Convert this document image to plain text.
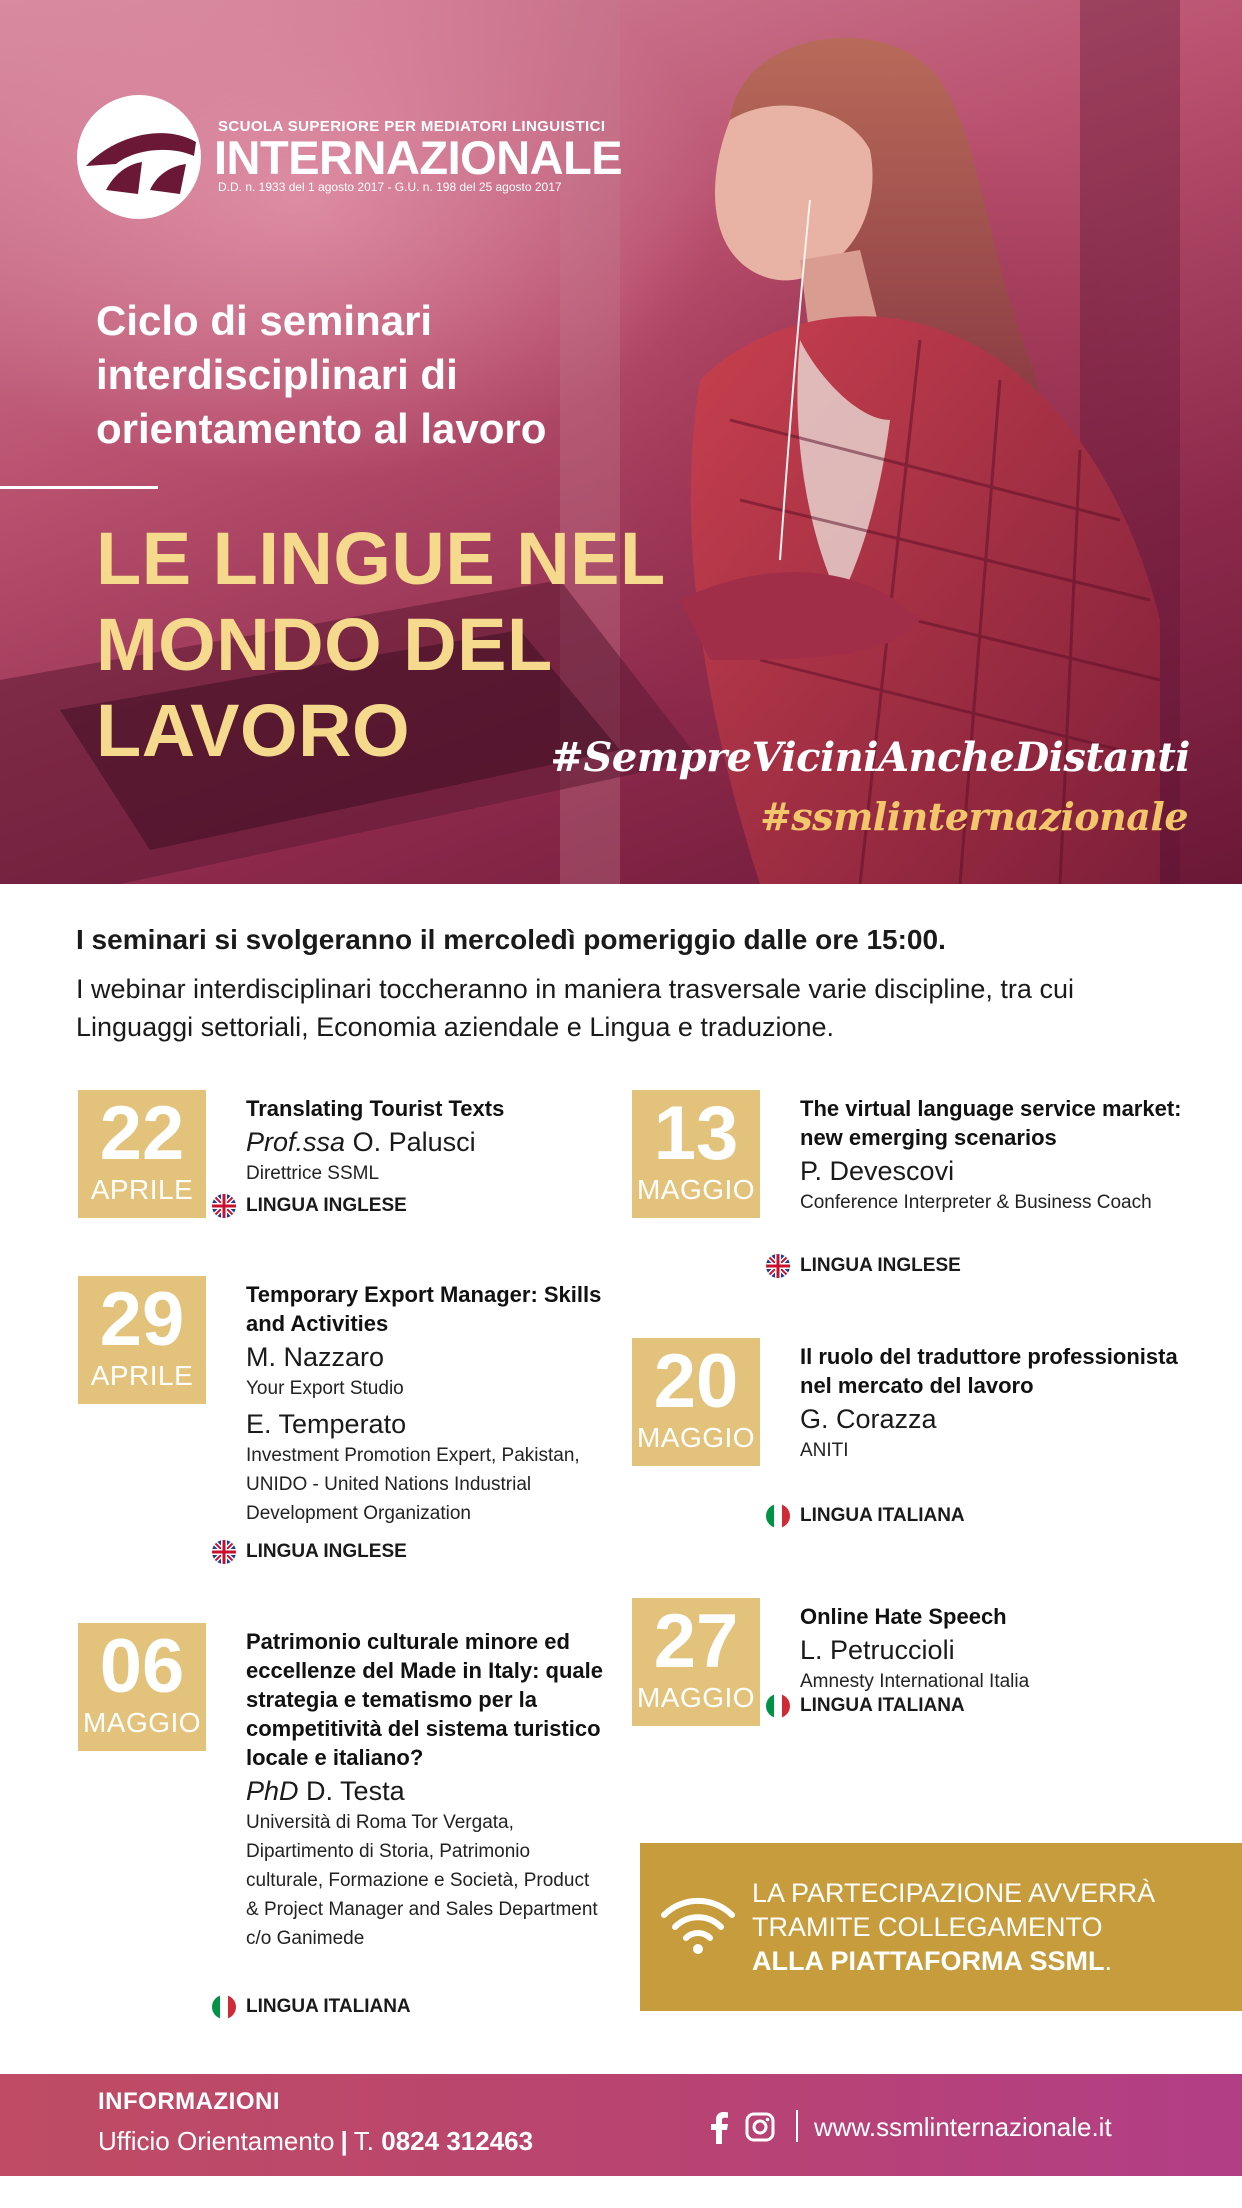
SCUOLA SUPERIORE PER MEDIATORI LINGUISTICI
INTERNAZIONALE
D.D. n. 1933 del 1 agosto 2017 - G.U. n. 198 del 25 agosto 2017
Ciclo di seminari interdisciplinari di orientamento al lavoro
LE LINGUE NEL MONDO DEL LAVORO	#SempreViciniAncheDistanti
#ssmlinternazionale

I seminari si svolgeranno il mercoledì pomeriggio dalle ore 15:00.

I webinar interdisciplinari toccheranno in maniera trasversale varie discipline, tra cui Linguaggi settoriali, Economia aziendale e Lingua e traduzione.

22
APRILE
Translating Tourist Texts
Prof.ssa O. Palusci
Direttrice SSML
LINGUA INGLESE
29
APRILE
Temporary Export Manager: Skills and Activities
M. Nazzaro
Your Export Studio
E. Temperato
Investment Promotion Expert, Pakistan, UNIDO - United Nations Industrial Development Organization
LINGUA INGLESE
06
MAGGIO
Patrimonio culturale minore ed eccellenze del Made in Italy: quale strategia e tematismo per la competitività del sistema turistico locale e italiano?
PhD D. Testa
Università di Roma Tor Vergata, Dipartimento di Storia, Patrimonio culturale, Formazione e Società, Product & Project Manager and Sales Department c/o Ganimede
LINGUA ITALIANA
13
MAGGIO
The virtual language service market: new emerging scenarios
P. Devescovi
Conference Interpreter & Business Coach
LINGUA INGLESE
20
MAGGIO
Il ruolo del traduttore professionista nel mercato del lavoro
G. Corazza
ANITI
LINGUA ITALIANA
27
MAGGIO
Online Hate Speech
L. Petruccioli
Amnesty International Italia
LINGUA ITALIANA
LA PARTECIPAZIONE AVVERRÀ
TRAMITE COLLEGAMENTO
ALLA PIATTAFORMA SSML.
INFORMAZIONI
Ufficio Orientamento | T. 0824 312463	www.ssmlinternazionale.it
